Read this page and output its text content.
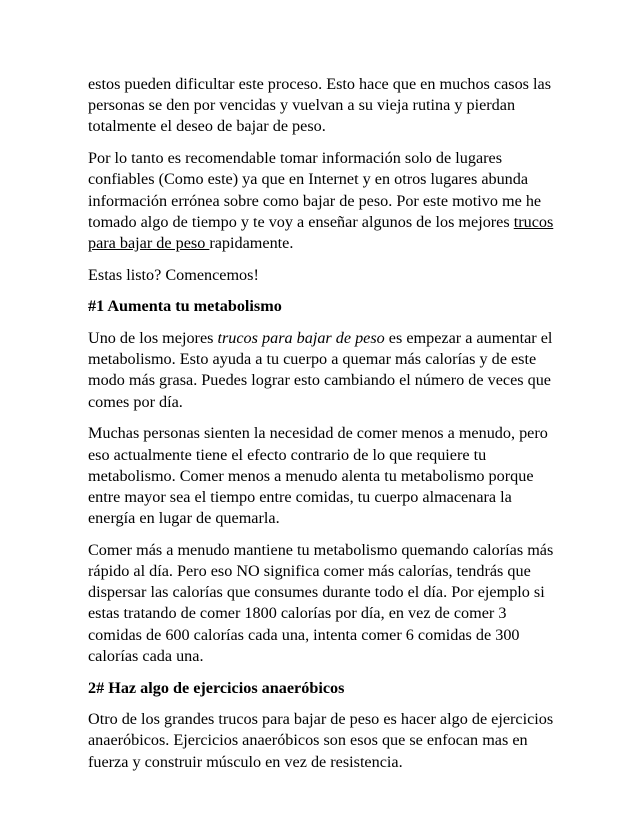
estos pueden dificultar este proceso. Esto hace que en muchos casos las personas se den por vencidas y vuelvan a su vieja rutina y pierdan totalmente el deseo de bajar de peso.

Por lo tanto es recomendable tomar información solo de lugares confiables (Como este) ya que en Internet y en otros lugares abunda información errónea sobre como bajar de peso. Por este motivo me he tomado algo de tiempo y te voy a enseñar algunos de los mejores trucos para bajar de peso rapidamente.

Estas listo? Comencemos!

#1 Aumenta tu metabolismo

Uno de los mejores trucos para bajar de peso es empezar a aumentar el metabolismo. Esto ayuda a tu cuerpo a quemar más calorías y de este modo más grasa. Puedes lograr esto cambiando el número de veces que comes por día.

Muchas personas sienten la necesidad de comer menos a menudo, pero eso actualmente tiene el efecto contrario de lo que requiere tu metabolismo. Comer menos a menudo alenta tu metabolismo porque entre mayor sea el tiempo entre comidas, tu cuerpo almacenara la energía en lugar de quemarla.

Comer más a menudo mantiene tu metabolismo quemando calorías más rápido al día. Pero eso NO significa comer más calorías, tendrás que dispersar las calorías que consumes durante todo el día. Por ejemplo si estas tratando de comer 1800 calorías por día, en vez de comer 3 comidas de 600 calorías cada una, intenta comer 6 comidas de 300 calorías cada una.

2# Haz algo de ejercicios anaeróbicos

Otro de los grandes trucos para bajar de peso es hacer algo de ejercicios anaeróbicos. Ejercicios anaeróbicos son esos que se enfocan mas en fuerza y construir músculo en vez de resistencia.
